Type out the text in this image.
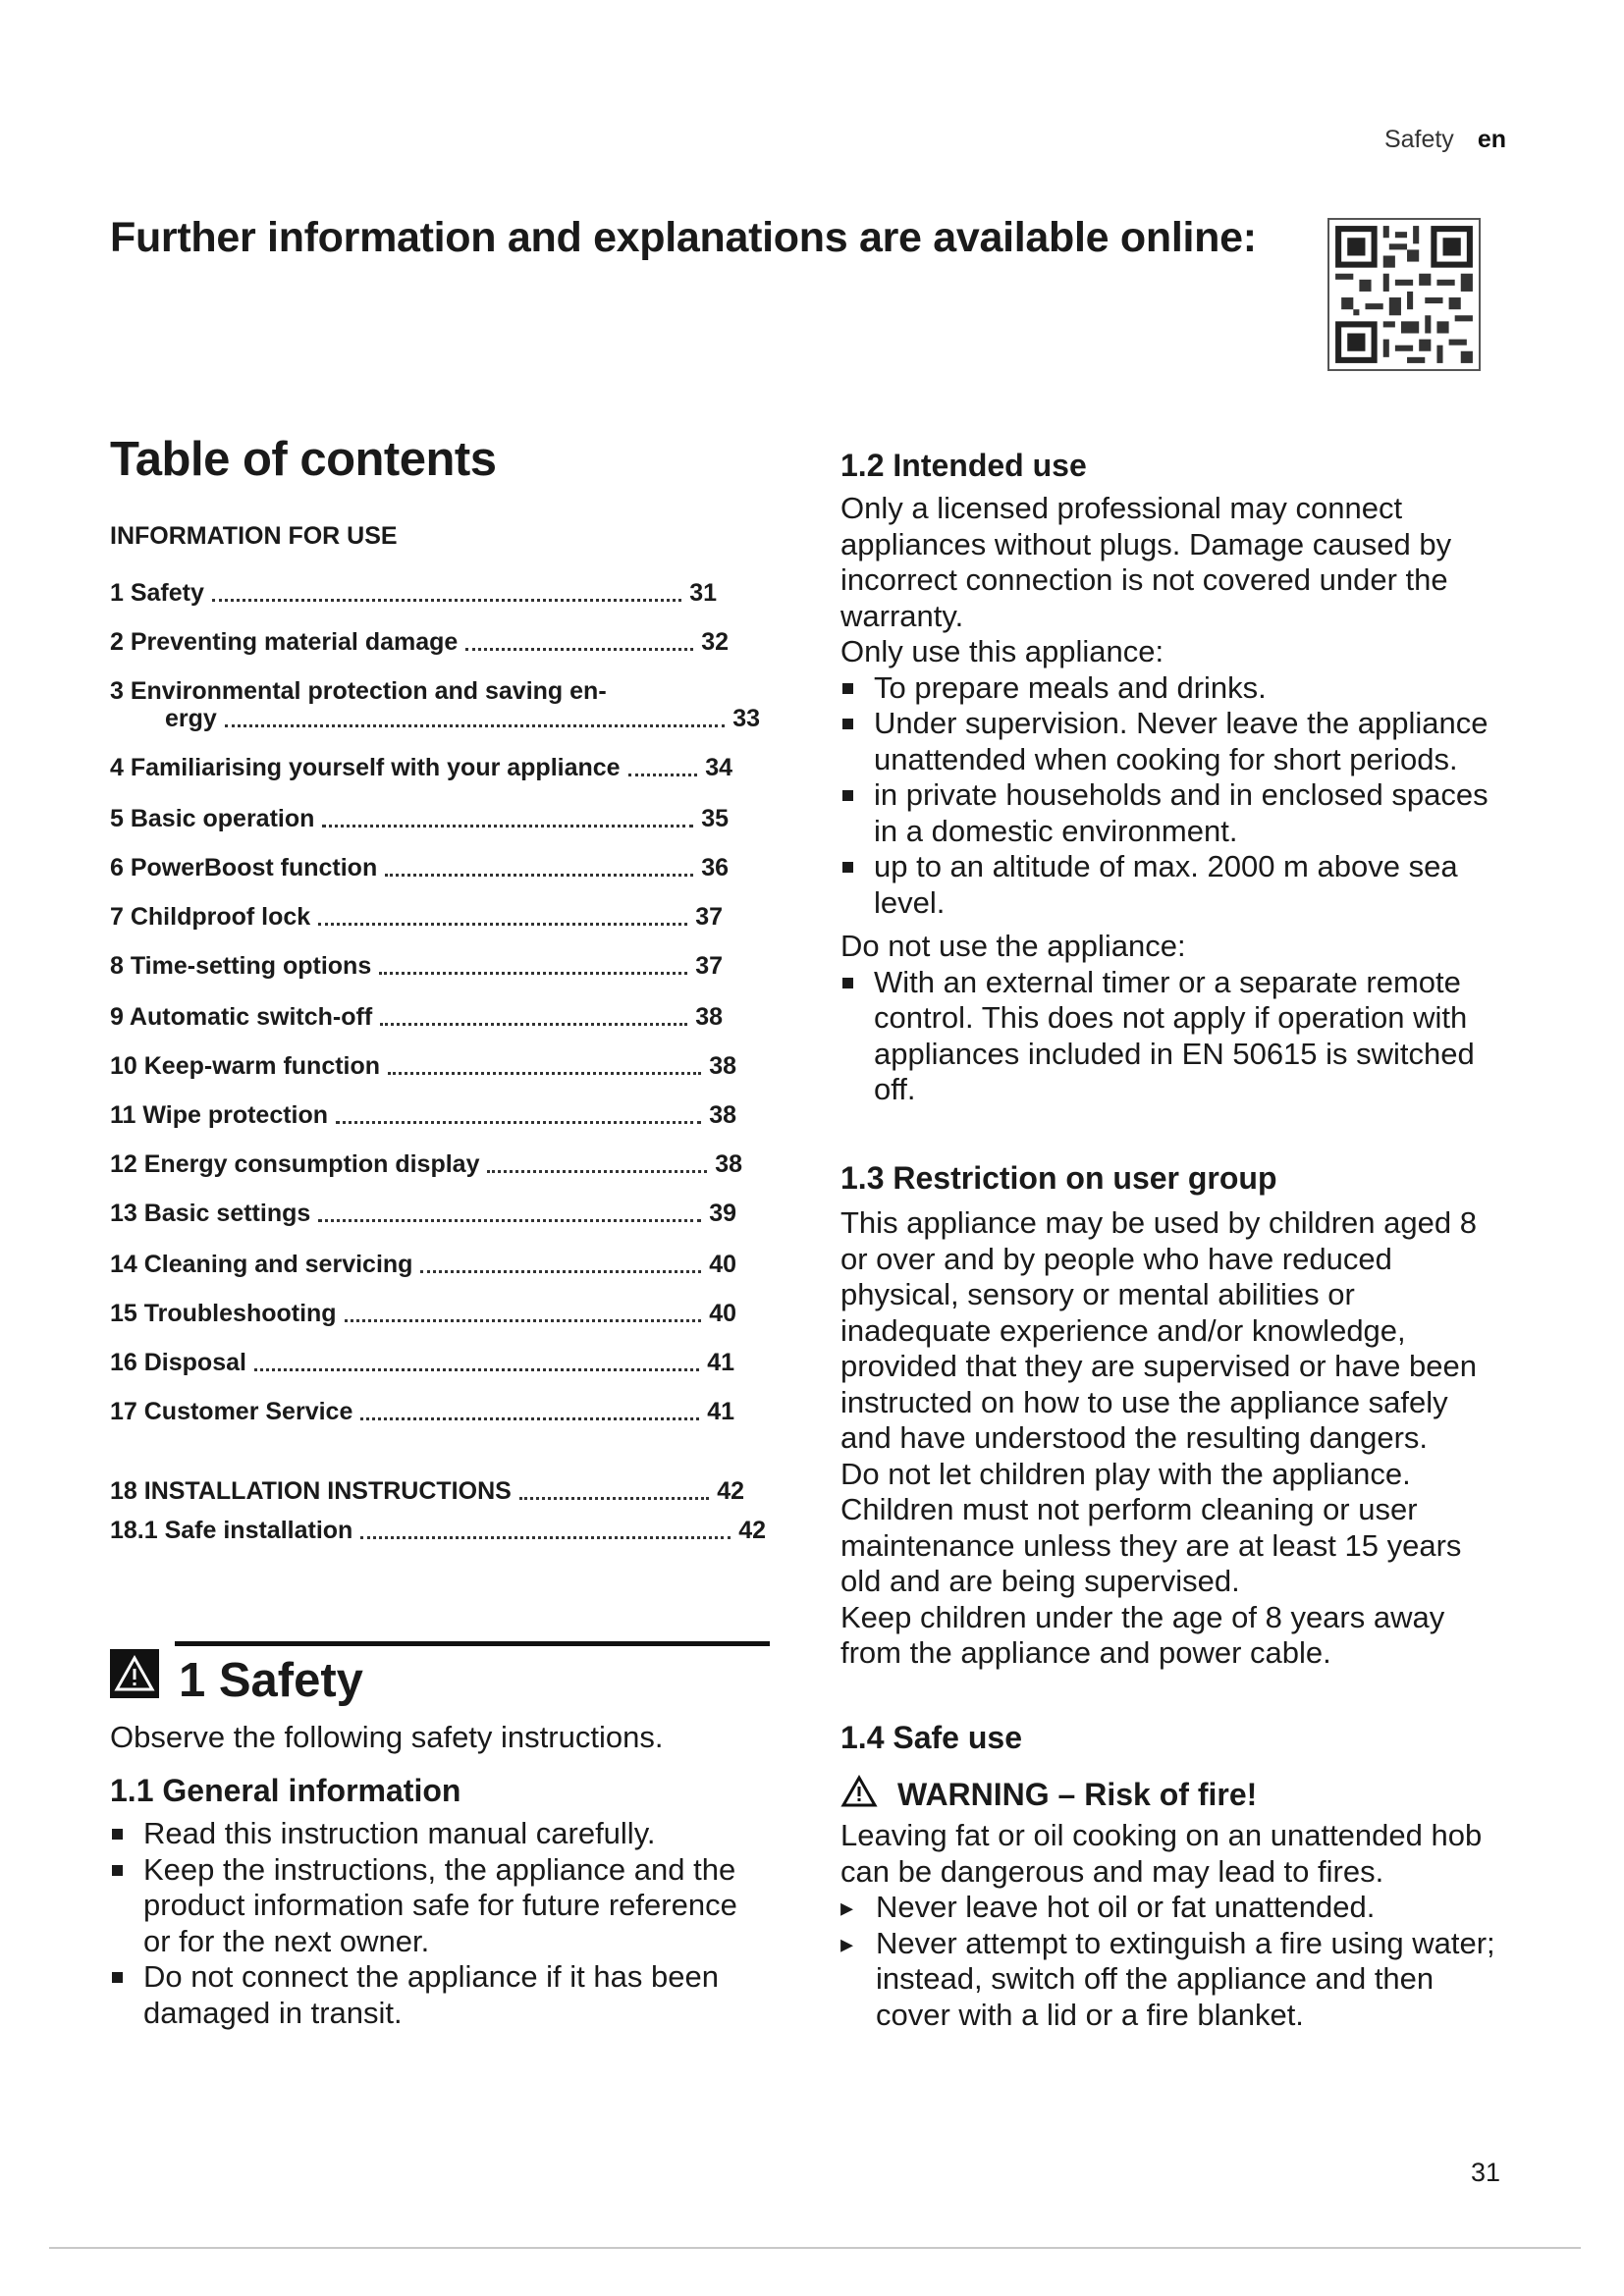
Safety en
Further information and explanations are available online:
Table of contents
INFORMATION FOR USE
1 Safety	31
2 Preventing material damage	32
3 Environmental protection and saving en-
ergy	33
4 Familiarising yourself with your appliance	34
5 Basic operation	35
6 PowerBoost function	36
7 Childproof lock	37
8 Time-setting options	37
9 Automatic switch-off	38
10 Keep-warm function	38
11 Wipe protection	38
12 Energy consumption display	38
13 Basic settings	39
14 Cleaning and servicing	40
15 Troubleshooting	40
16 Disposal	41
17 Customer Service	41
18 INSTALLATION INSTRUCTIONS	42
18.1 Safe installation	42
1 Safety
Observe the following safety instructions.
1.1 General information
Read this instruction manual carefully.
Keep the instructions, the appliance and the product information safe for future reference or for the next owner.
Do not connect the appliance if it has been damaged in transit.
1.2 Intended use

Only a licensed professional may connect appliances without plugs. Damage caused by incorrect connection is not covered under the warranty.

Only use this appliance:

To prepare meals and drinks.
Under supervision. Never leave the appliance unattended when cooking for short periods.
in private households and in enclosed spaces in a domestic environment.
up to an altitude of max. 2000 m above sea level.

Do not use the appliance:

With an external timer or a separate remote control. This does not apply if operation with appliances included in EN 50615 is switched off.
1.3 Restriction on user group

This appliance may be used by children aged 8 or over and by people who have reduced physical, sensory or mental abilities or inadequate experience and/or knowledge, provided that they are supervised or have been instructed on how to use the appliance safely and have understood the resulting dangers.

Do not let children play with the appliance.

Children must not perform cleaning or user maintenance unless they are at least 15 years old and are being supervised.

Keep children under the age of 8 years away from the appliance and power cable.

1.4 Safe use
WARNING – Risk of fire!

Leaving fat or oil cooking on an unattended hob can be dangerous and may lead to fires.

▸ Never leave hot oil or fat unattended.
▸ Never attempt to extinguish a fire using water; instead, switch off the appliance and then cover with a lid or a fire blanket.
31
